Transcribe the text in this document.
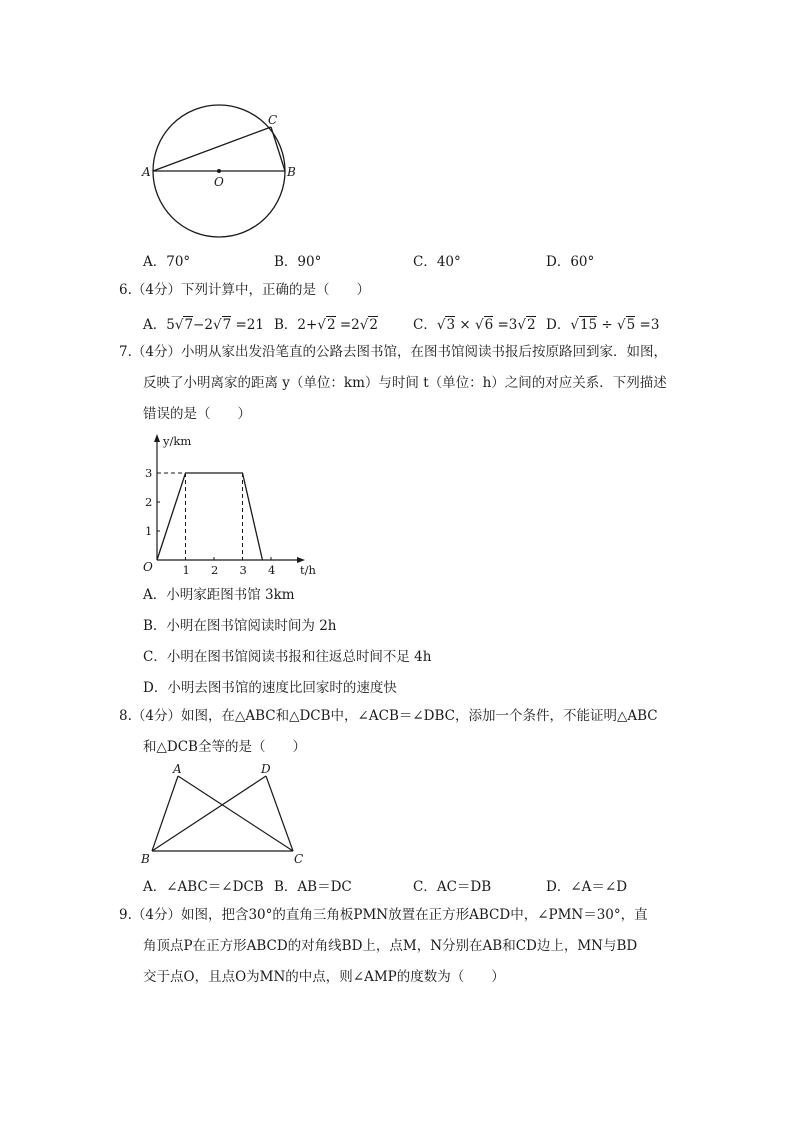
A
O
B
C
A．70°	B．90°	C．40°	D．60°
6.（4分）下列计算中，正确的是（　　）
A．5√7−2√7 =21 B．2+√2 =2√2	C．√3 × √6 =3√2 D．√15 ÷ √5 =3
7.（4分）小明从家出发沿笔直的公路去图书馆，在图书馆阅读书报后按原路回到家．如图，
反映了小明离家的距离 y（单位：km）与时间 t（单位：h）之间的对应关系．下列描述
错误的是（　　）
y/km
t/h
O	1 2 3 4
1
2
3
A．小明家距图书馆 3km
B．小明在图书馆阅读时间为 2h
C．小明在图书馆阅读书报和往返总时间不足 4h
D．小明去图书馆的速度比回家时的速度快
8.（4分）如图，在△ABC和△DCB中，∠ACB＝∠DBC，添加一个条件，不能证明△ABC
和△DCB全等的是（　　）
A	D
B	C
A．∠ABC＝∠DCB B．AB＝DC	C．AC＝DB	D．∠A＝∠D
9.（4分）如图，把含30°的直角三角板PMN放置在正方形ABCD中，∠PMN＝30°，直
角顶点P在正方形ABCD的对角线BD上，点M，N分别在AB和CD边上，MN与BD
交于点O，且点O为MN的中点，则∠AMP的度数为（　　）
